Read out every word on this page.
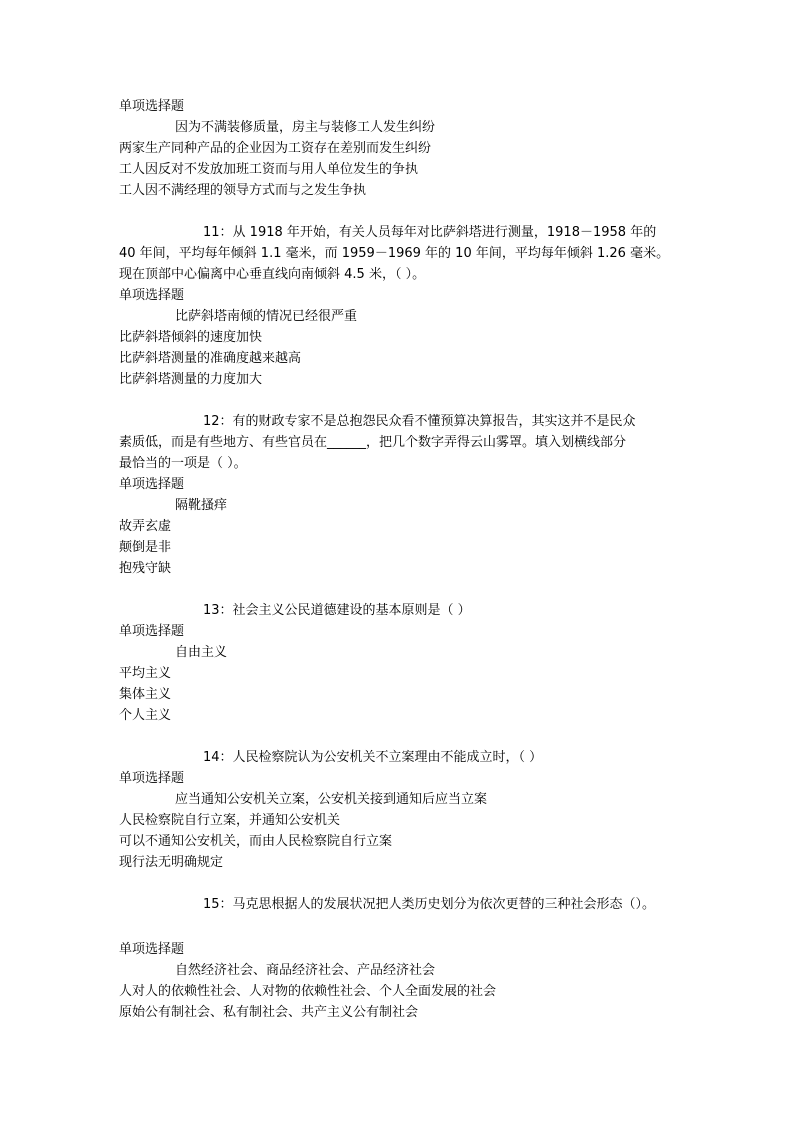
单项选择题

因为不满装修质量，房主与装修工人发生纠纷

两家生产同种产品的企业因为工资存在差别而发生纠纷

工人因反对不发放加班工资而与用人单位发生的争执

工人因不满经理的领导方式而与之发生争执

11：从 1918 年开始，有关人员每年对比萨斜塔进行测量，1918－1958 年的

40 年间，平均每年倾斜 1.1 毫米，而 1959－1969 年的 10 年间，平均每年倾斜 1.26 毫米。

现在顶部中心偏离中心垂直线向南倾斜 4.5 米，（ ）。

单项选择题

比萨斜塔南倾的情况已经很严重

比萨斜塔倾斜的速度加快

比萨斜塔测量的准确度越来越高

比萨斜塔测量的力度加大

12：有的财政专家不是总抱怨民众看不懂预算决算报告，其实这并不是民众

素质低，而是有些地方、有些官员在______，把几个数字弄得云山雾罩。填入划横线部分

最恰当的一项是（ ）。

单项选择题

隔靴搔痒

故弄玄虚

颠倒是非

抱残守缺

13：社会主义公民道德建设的基本原则是（ ）

单项选择题

自由主义

平均主义

集体主义

个人主义

14：人民检察院认为公安机关不立案理由不能成立时，（ ）

单项选择题

应当通知公安机关立案，公安机关接到通知后应当立案

人民检察院自行立案，并通知公安机关

可以不通知公安机关，而由人民检察院自行立案

现行法无明确规定

15：马克思根据人的发展状况把人类历史划分为依次更替的三种社会形态（）。

单项选择题

自然经济社会、商品经济社会、产品经济社会

人对人的依赖性社会、人对物的依赖性社会、个人全面发展的社会

原始公有制社会、私有制社会、共产主义公有制社会
